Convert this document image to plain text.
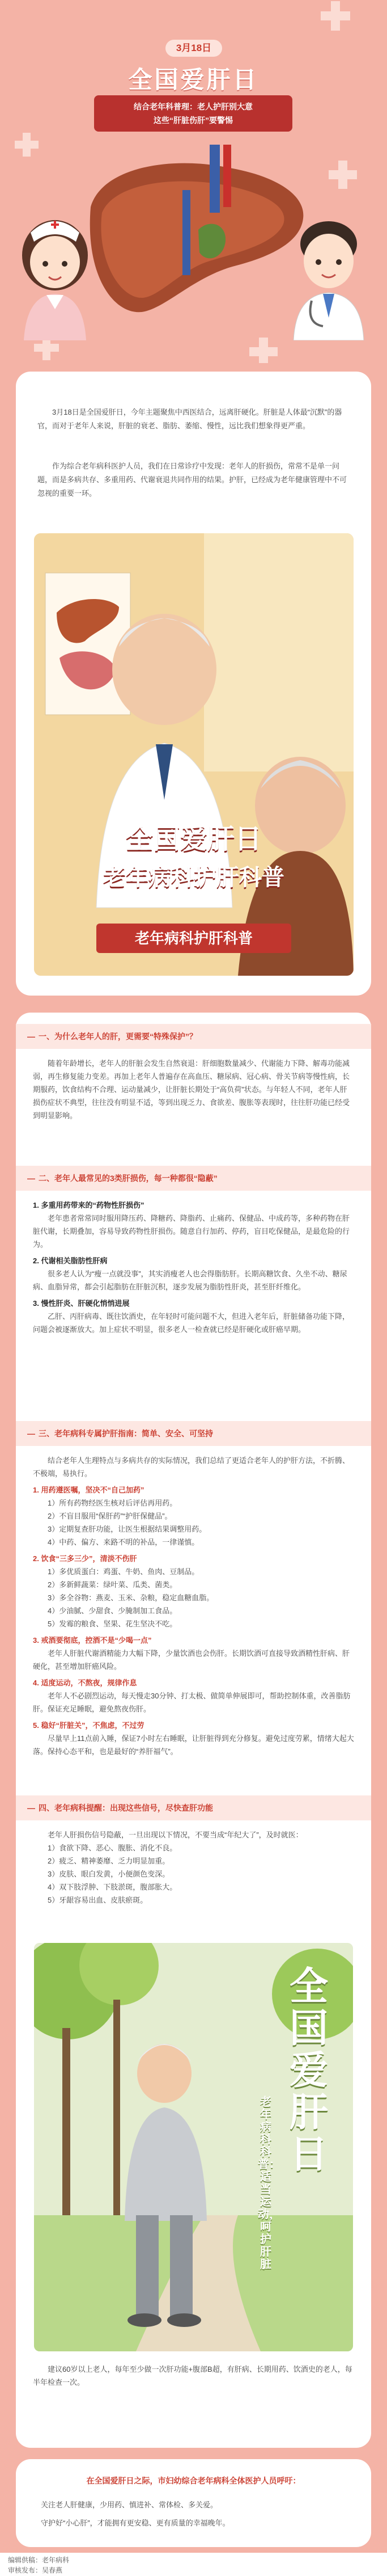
3月18日
全国爱肝日
结合老年科普理：老人护肝别大意
这些“肝脏伤肝”要警惕
3月18日是全国爱肝日，今年主题聚焦中西医结合，远离肝硬化。肝脏是人体最“沉默”的器官，而对于老年人来说，肝脏的衰老、脂肪、萎缩、慢性，远比我们想象得更严重。
作为综合老年病科医护人员，我们在日常诊疗中发现：老年人的肝损伤，常常不是单一问题，而是多病共存、多重用药、代谢衰退共同作用的结果。护肝，已经成为老年健康管理中不可忽视的重要一环。
全国爱肝日
老年病科护肝科普
老年病科护肝科普
— 一、为什么老年人的肝，更需要“特殊保护”？
随着年龄增长，老年人的肝脏会发生自然衰退：肝细胞数量减少、代谢能力下降、解毒功能减弱，再生修复能力变差。再加上老年人普遍存在高血压、糖尿病、冠心病、骨关节病等慢性病，长期服药，饮食结构不合理、运动量减少，让肝脏长期处于“高负荷”状态。与年轻人不同，老年人肝损伤症状不典型，往往没有明显不适，等到出现乏力、食欲差、腹胀等表现时，往往肝功能已经受到明显影响。
— 二、老年人最常见的3类肝损伤，每一种都很“隐蔽”
1. 多重用药带来的“药物性肝损伤”
老年患者常常同时服用降压药、降糖药、降脂药、止痛药、保健品、中成药等，多种药物在肝脏代谢，长期叠加，容易导致药物性肝损伤。随意自行加药、停药，盲目吃保健品，是最危险的行为。
2. 代谢相关脂肪性肝病
很多老人认为“瘦一点就没事”，其实消瘦老人也会得脂肪肝。长期高糖饮食、久坐不动、糖尿病、血脂异常，都会引起脂肪在肝脏沉积，逐步发展为脂肪性肝炎，甚至肝纤维化。
3. 慢性肝炎、肝硬化悄悄进展
乙肝、丙肝病毒、既往饮酒史，在年轻时可能问题不大，但进入老年后，肝脏储备功能下降，问题会被逐渐放大。加上症状不明显，很多老人一检查就已经是肝硬化或肝癌早期。
— 三、老年病科专属护肝指南：简单、安全、可坚持
结合老年人生理特点与多病共存的实际情况，我们总结了更适合老年人的护肝方法，不折腾、不极端，易执行。
1. 用药遵医嘱，坚决不“自己加药”
1）所有药物经医生核对后评估再用药。
2）不盲目服用“保肝药”“护肝保健品”。
3）定期复查肝功能，让医生根据结果调整用药。
4）中药、偏方、来路不明的补品，一律谨慎。
2. 饮食“三多三少”，清淡不伤肝
1）多优质蛋白：鸡蛋、牛奶、鱼肉、豆制品。
2）多新鲜蔬菜：绿叶菜、瓜类、菌类。
3）多全谷物：燕麦、玉米、杂粮，稳定血糖血脂。
4）少油腻、少甜食、少腌制加工食品。
5）发霉的粮食、坚果、花生坚决不吃。
3. 戒酒要彻底，控酒不是“少喝一点”
老年人肝脏代谢酒精能力大幅下降，少量饮酒也会伤肝。长期饮酒可直接导致酒精性肝病、肝硬化，甚至增加肝癌风险。
4. 适度运动，不熬夜，规律作息
老年人不必剧烈运动，每天慢走30分钟、打太极、做简单伸展即可，帮助控制体重，改善脂肪肝。保证充足睡眠，避免熬夜伤肝。
5. 稳好“肝脏关”，不焦虑，不过劳
尽量早上11点前入睡，保证7小时左右睡眠，让肝脏得到充分修复。避免过度劳累，情绪大起大落。保持心态平和，也是最好的“养肝福气”。
— 四、老年病科提醒：出现这些信号，尽快查肝功能
老年人肝损伤信号隐蔽，一旦出现以下情况，不要当成“年纪大了”，及时就医：
1）食欲下降、恶心、腹胀、消化不良。
2）疲乏、精神萎靡、乏力明显加重。
3）皮肤、眼白发黄，小便颜色变深。
4）双下肢浮肿、下肢淤斑，腹部胀大。
5）牙龈容易出血、皮肤瘀斑。
全国爱肝日
老年病科科普：适当运动，呵护肝脏
建议60岁以上老人，每年至少做一次肝功能+腹部B超，有肝病、长期用药、饮酒史的老人，每半年检查一次。
在全国爱肝日之际，市妇幼综合老年病科全体医护人员呼吁：
关注老人肝健康，少用药、慎进补、常体检、多关爱。
守护好“小心肝”，才能拥有更安稳、更有质量的幸福晚年。
编辑供稿：老年病科
审核发布：吴春燕
